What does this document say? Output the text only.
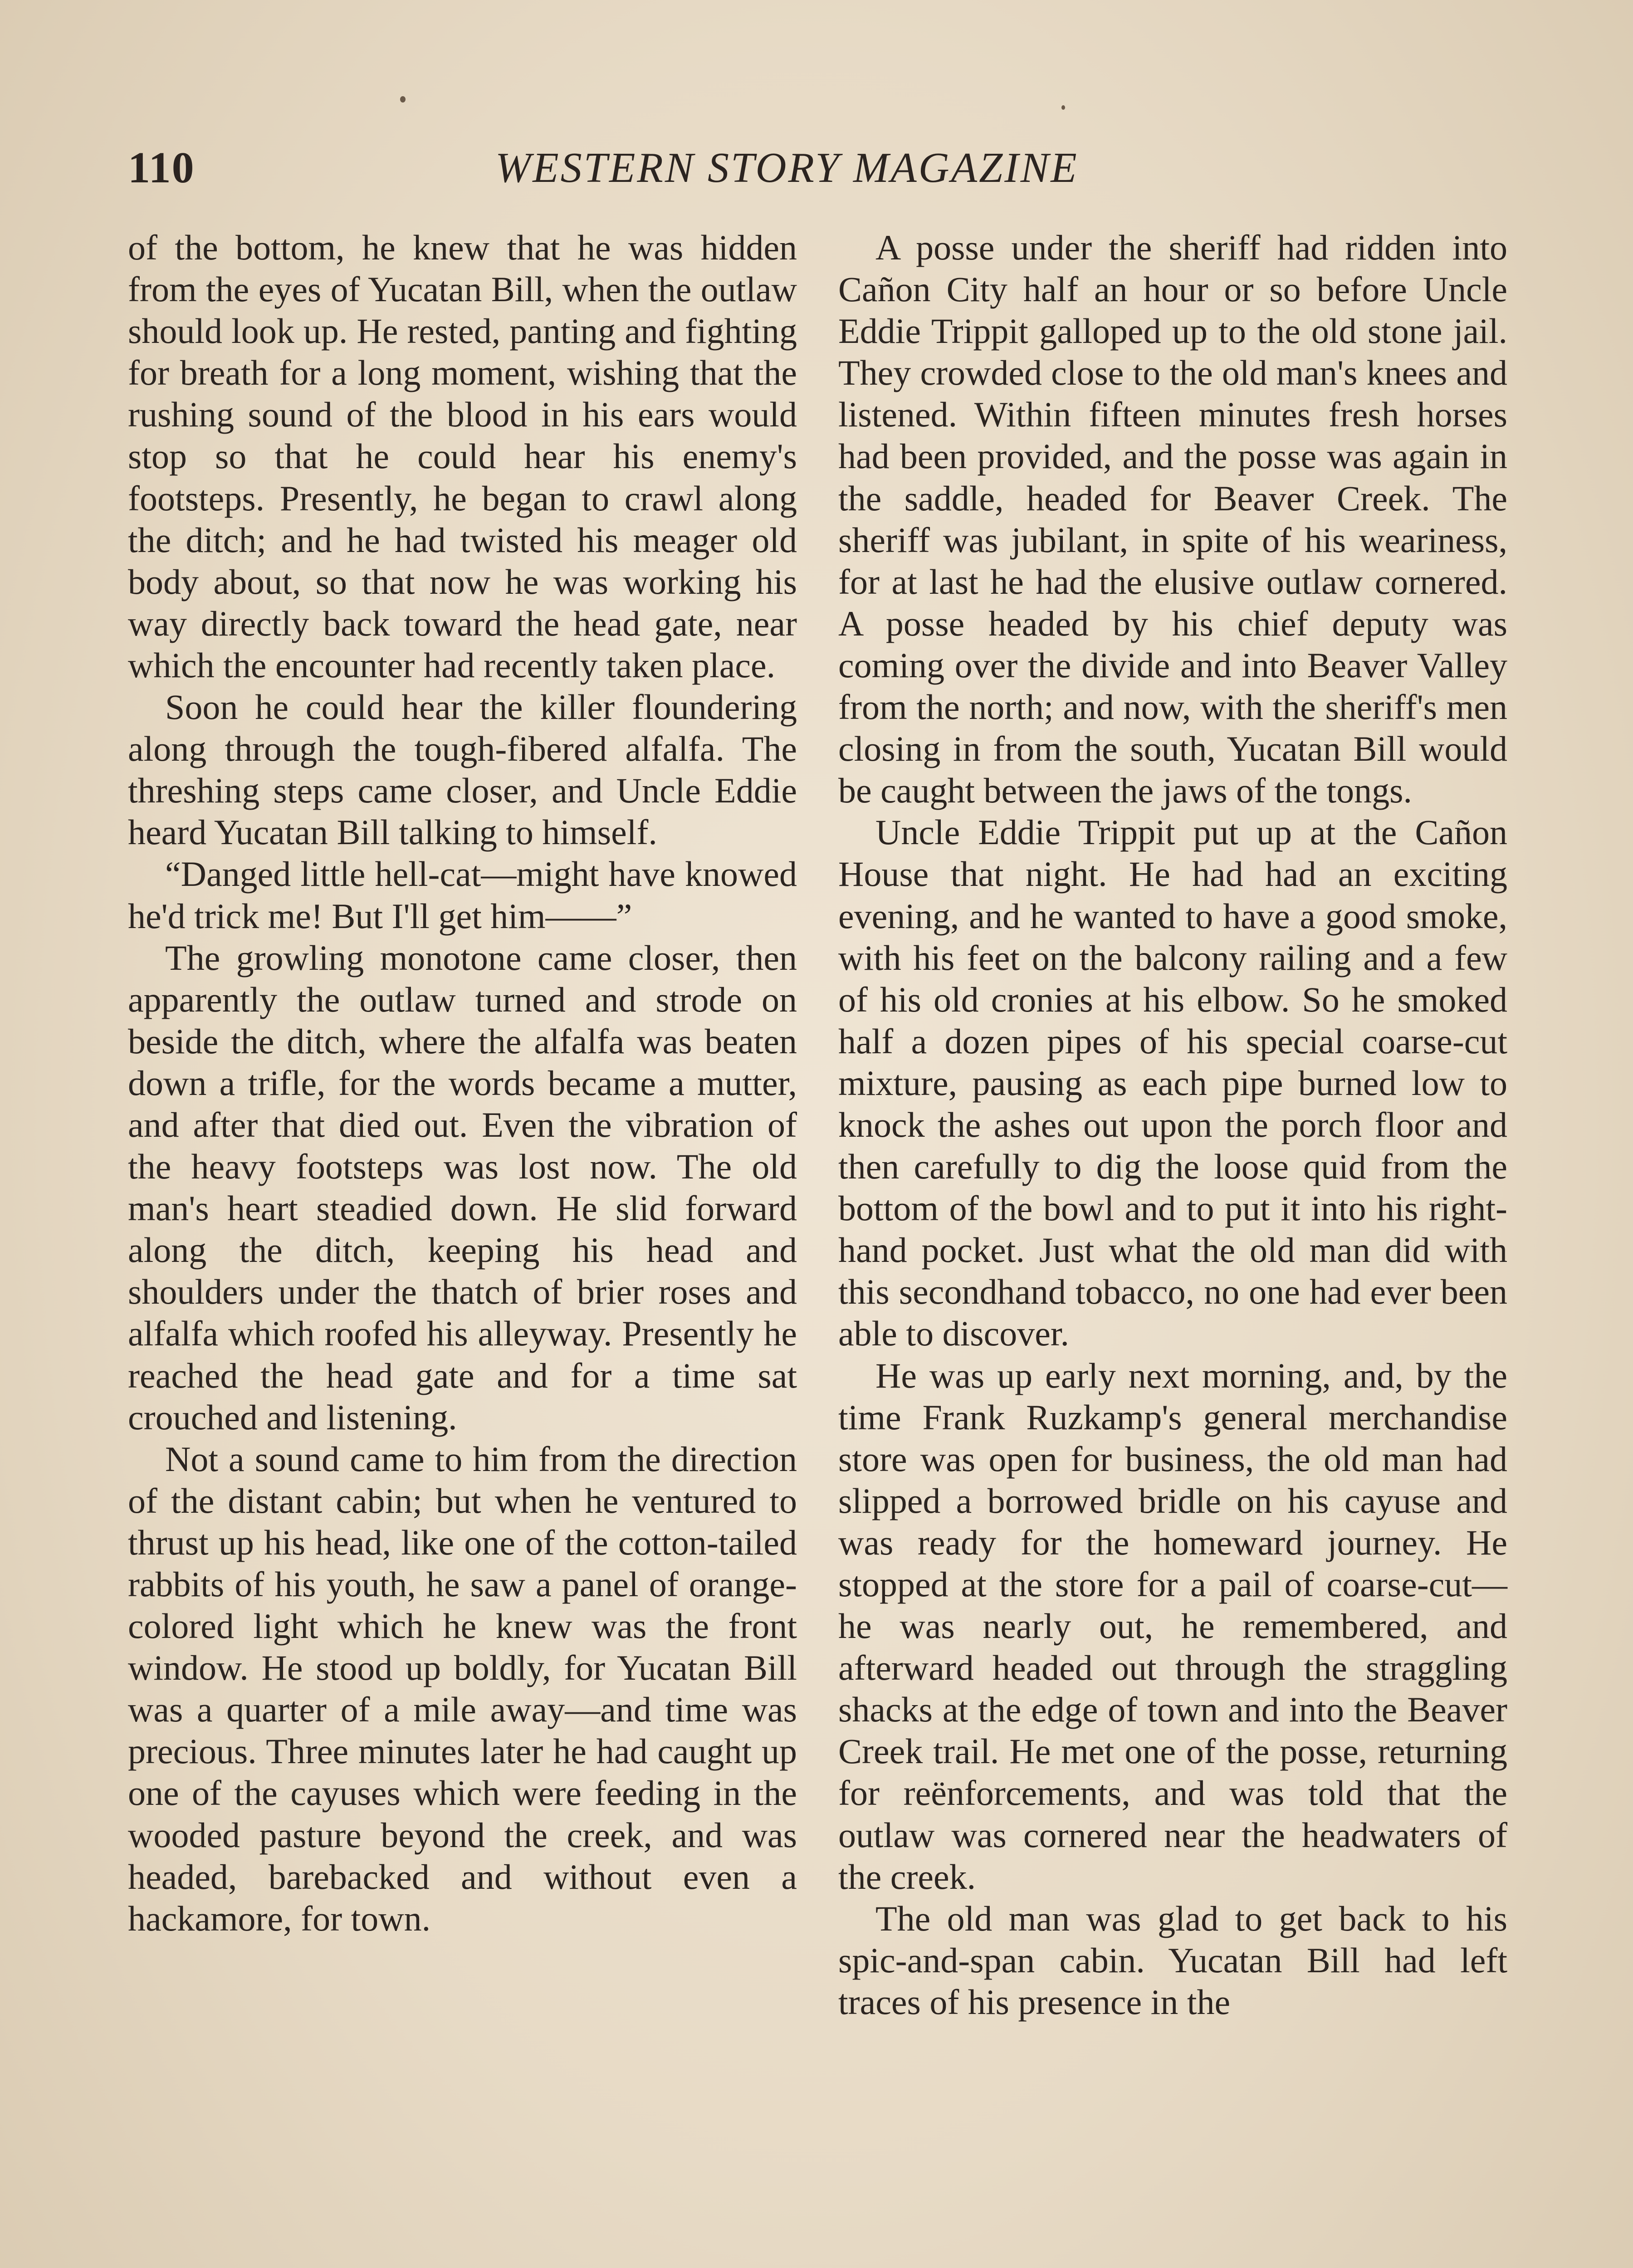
110	WESTERN STORY MAGAZINE

of the bottom, he knew that he was hidden from the eyes of Yucatan Bill, when the outlaw should look up. He rested, panting and fighting for breath for a long moment, wishing that the rushing sound of the blood in his ears would stop so that he could hear his enemy's footsteps. Presently, he began to crawl along the ditch; and he had twisted his meager old body about, so that now he was working his way directly back toward the head gate, near which the encounter had recently taken place.

Soon he could hear the killer floundering along through the tough-fibered alfalfa. The threshing steps came closer, and Uncle Eddie heard Yucatan Bill talking to himself.

“Danged little hell-cat—might have knowed he'd trick me! But I'll get him——”

The growling monotone came closer, then apparently the outlaw turned and strode on beside the ditch, where the alfalfa was beaten down a trifle, for the words became a mutter, and after that died out. Even the vibration of the heavy footsteps was lost now. The old man's heart steadied down. He slid forward along the ditch, keeping his head and shoulders under the thatch of brier roses and alfalfa which roofed his alleyway. Presently he reached the head gate and for a time sat crouched and listening.

Not a sound came to him from the direction of the distant cabin; but when he ventured to thrust up his head, like one of the cotton-tailed rabbits of his youth, he saw a panel of orange-colored light which he knew was the front window. He stood up boldly, for Yucatan Bill was a quarter of a mile away—and time was precious. Three minutes later he had caught up one of the cayuses which were feeding in the wooded pasture beyond the creek, and was headed, barebacked and without even a hackamore, for town.

A posse under the sheriff had ridden into Cañon City half an hour or so before Uncle Eddie Trippit galloped up to the old stone jail. They crowded close to the old man's knees and listened. Within fifteen minutes fresh horses had been provided, and the posse was again in the saddle, headed for Beaver Creek. The sheriff was jubilant, in spite of his weariness, for at last he had the elusive outlaw cornered. A posse headed by his chief deputy was coming over the divide and into Beaver Valley from the north; and now, with the sheriff's men closing in from the south, Yucatan Bill would be caught between the jaws of the tongs.

Uncle Eddie Trippit put up at the Cañon House that night. He had had an exciting evening, and he wanted to have a good smoke, with his feet on the balcony railing and a few of his old cronies at his elbow. So he smoked half a dozen pipes of his special coarse-cut mixture, pausing as each pipe burned low to knock the ashes out upon the porch floor and then carefully to dig the loose quid from the bottom of the bowl and to put it into his right-hand pocket. Just what the old man did with this secondhand tobacco, no one had ever been able to discover.

He was up early next morning, and, by the time Frank Ruzkamp's general merchandise store was open for business, the old man had slipped a borrowed bridle on his cayuse and was ready for the homeward journey. He stopped at the store for a pail of coarse-cut—he was nearly out, he remembered, and afterward headed out through the straggling shacks at the edge of town and into the Beaver Creek trail. He met one of the posse, returning for reënforcements, and was told that the outlaw was cornered near the headwaters of the creek.

The old man was glad to get back to his spic-and-span cabin. Yucatan Bill had left traces of his presence in the
